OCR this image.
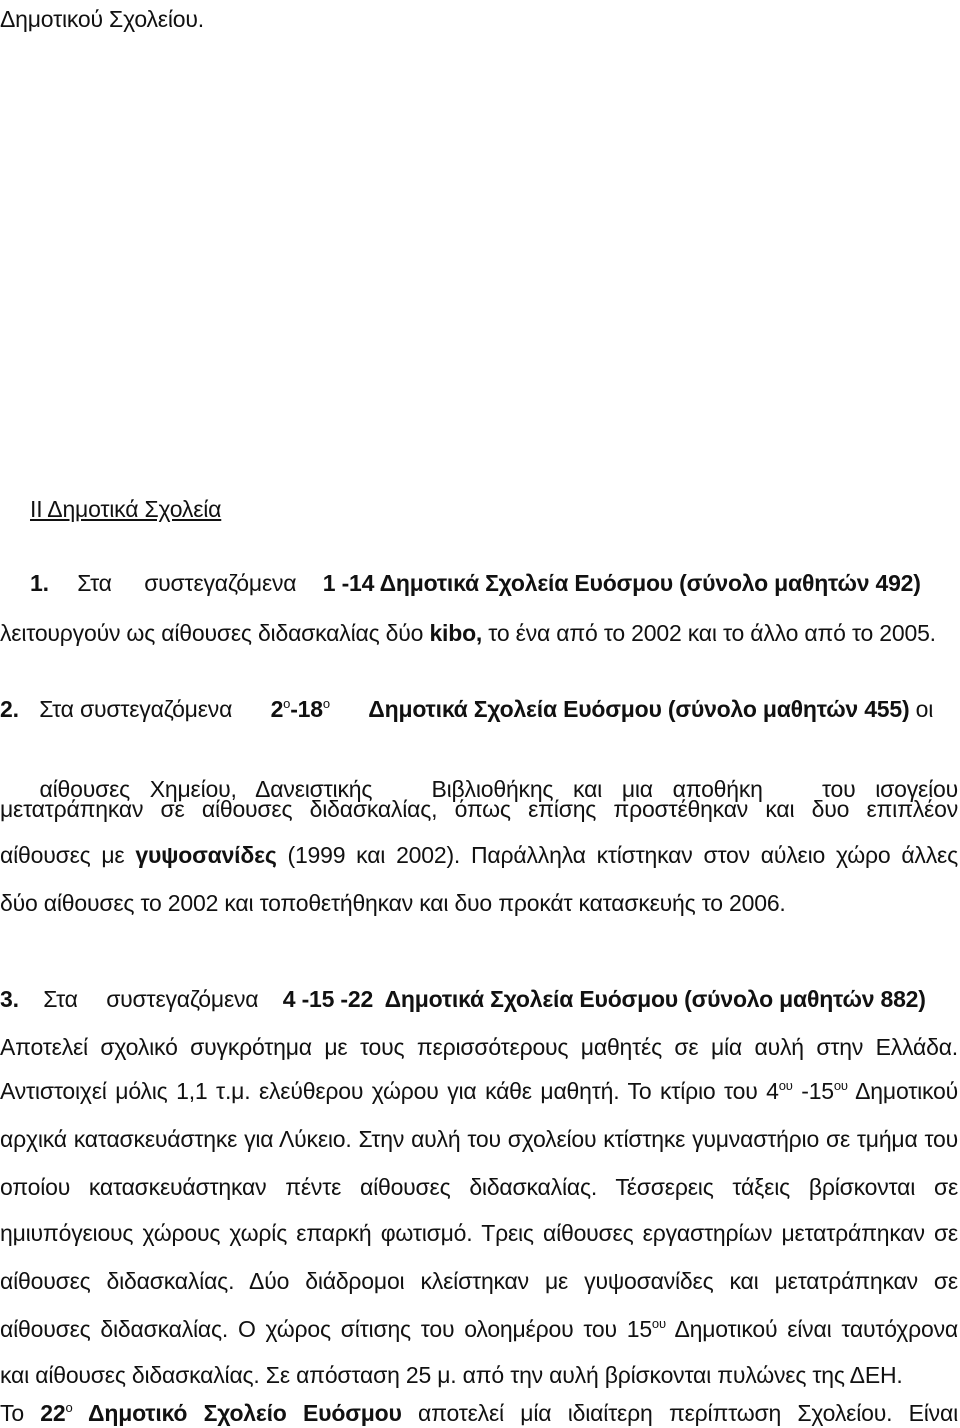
Δημοτικού Σχολείου.
ΙΙ Δημοτικά Σχολεία
1. Στα συστεγαζόμενα 1 -14 Δημοτικά Σχολεία Ευόσμου (σύνολο μαθητών 492)
λειτουργούν ως αίθουσες διδασκαλίας δύο kibo, το ένα από το 2002 και το άλλο από το 2005.
2. Στα συστεγαζόμενα $2^o-18^o$ Δημοτικά Σχολεία Ευόσμου (σύνολο μαθητών 455) οι

αίθουσες Χημείου, Δανειστικής   Βιβλιοθήκης και μια αποθήκη   του ισογείου

μετατράπηκαν σε αίθουσες διδασκαλίας, όπως επίσης προστέθηκαν και δυο επιπλέον
αίθουσες με γυψοσανίδες (1999 και 2002). Παράλληλα κτίστηκαν στον αύλειο χώρο άλλες
δύο αίθουσες το 2002 και τοποθετήθηκαν και δυο προκάτ κατασκευής το 2006.
3. Στα συστεγαζόμενα 4 -15 -22  Δημοτικά Σχολεία Ευόσμου (σύνολο μαθητών 882)
Αποτελεί σχολικό συγκρότημα με τους περισσότερους μαθητές σε μία αυλή στην Ελλάδα.
Αντιστοιχεί μόλις 1,1 τ.μ. ελεύθερου χώρου για κάθε μαθητή. Το κτίριο του $4^{o\upsilon}$ $-15^{o\upsilon}$ Δημοτικού
αρχικά κατασκευάστηκε για Λύκειο. Στην αυλή του σχολείου κτίστηκε γυμναστήριο σε τμήμα του
οποίου κατασκευάστηκαν πέντε αίθουσες διδασκαλίας. Τέσσερεις τάξεις βρίσκονται σε
ημιυπόγειους χώρους χωρίς επαρκή φωτισμό. Τρεις αίθουσες εργαστηρίων μετατράπηκαν σε
αίθουσες διδασκαλίας. Δύο διάδρομοι κλείστηκαν με γυψοσανίδες και μετατράπηκαν σε
αίθουσες διδασκαλίας. Ο χώρος σίτισης του ολοημέρου του $15^{o\upsilon}$ Δημοτικού είναι ταυτόχρονα
και αίθουσες διδασκαλίας. Σε απόσταση 25 μ. από την αυλή βρίσκονται πυλώνες της ΔΕΗ.
Το $22^o$ Δημοτικό Σχολείο Ευόσμου αποτελεί μία ιδιαίτερη περίπτωση Σχολείου. Είναι
